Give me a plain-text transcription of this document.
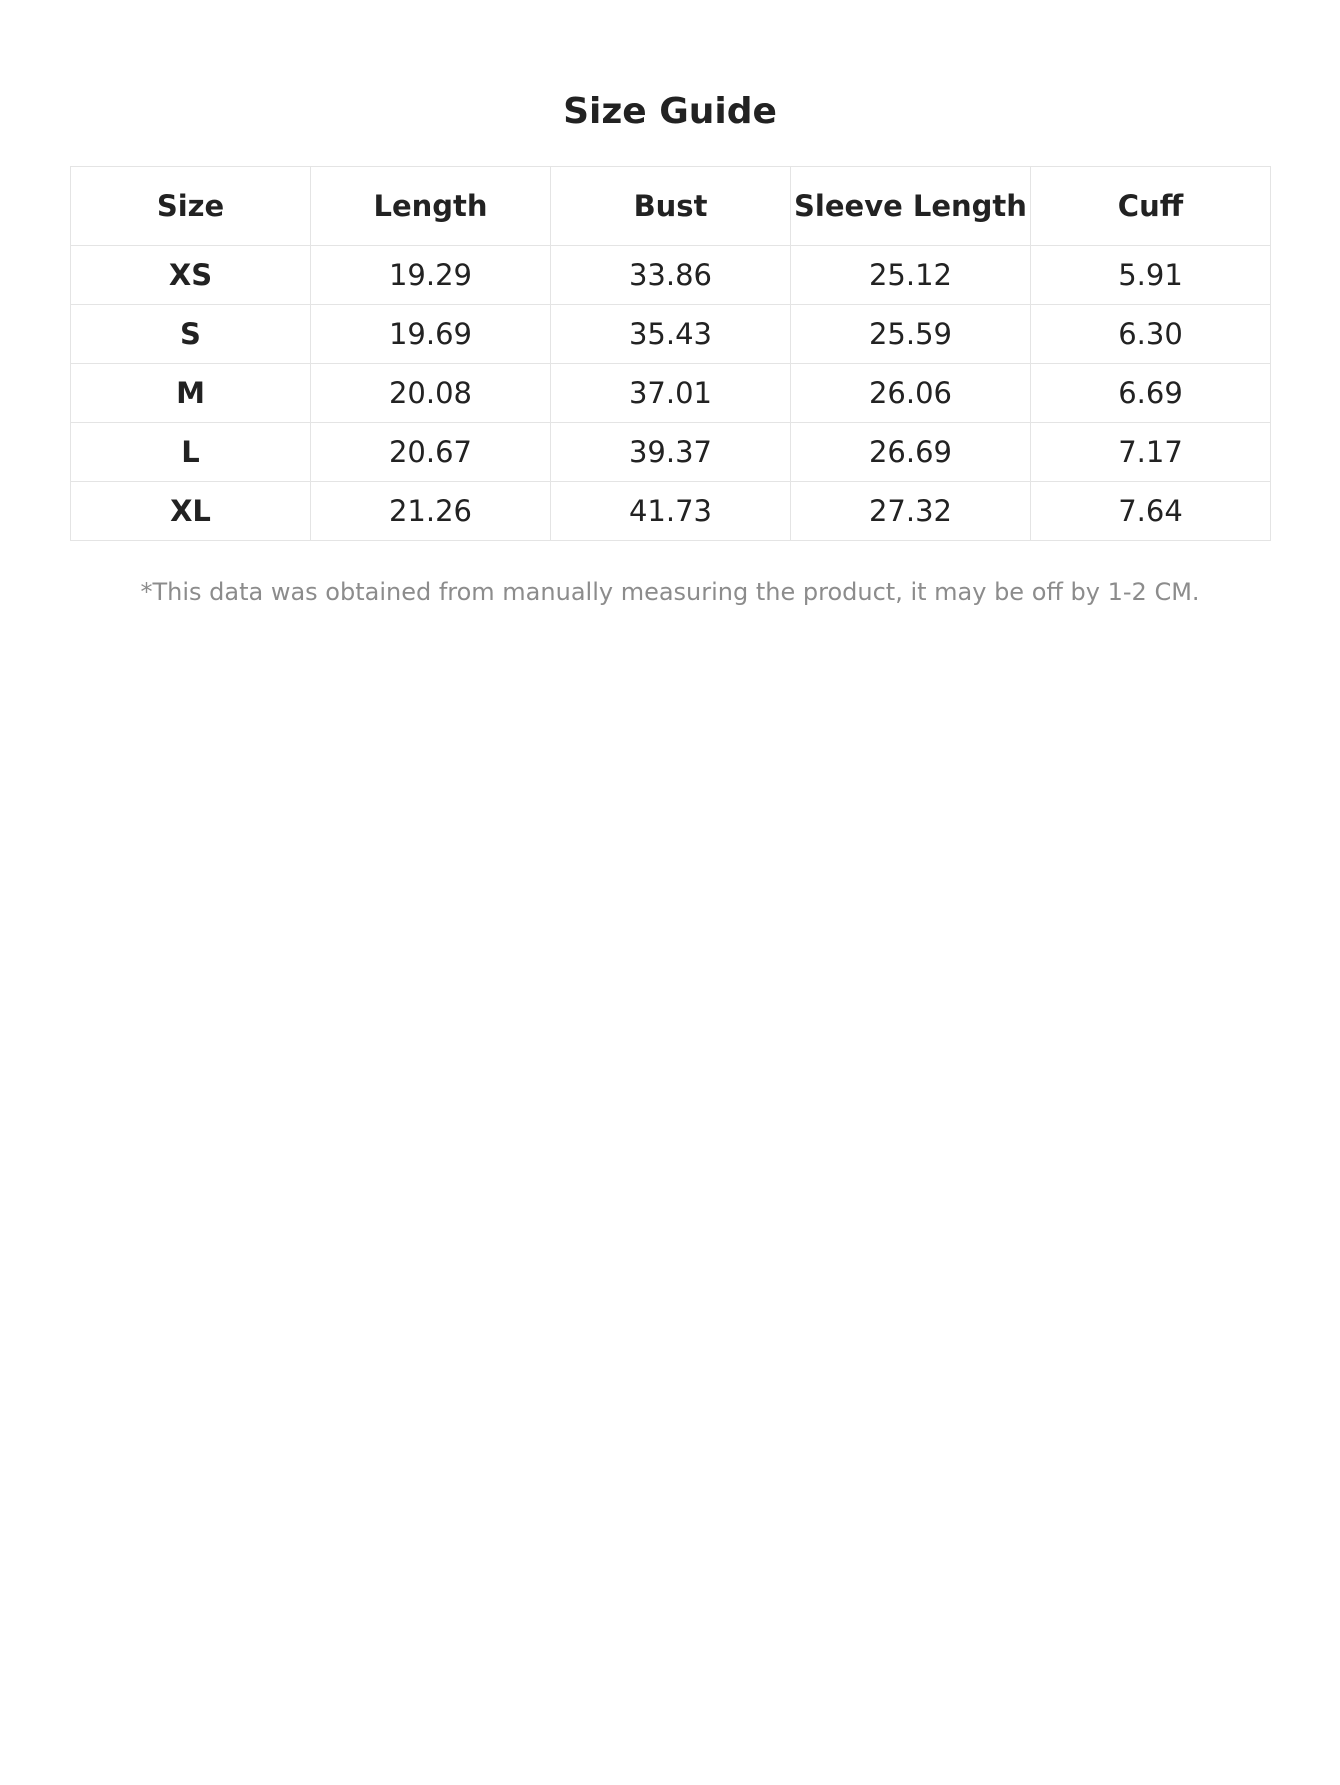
Size Guide
Size	Length	Bust	Sleeve Length	Cuff
XS	19.29	33.86	25.12	5.91
S	19.69	35.43	25.59	6.30
M	20.08	37.01	26.06	6.69
L	20.67	39.37	26.69	7.17
XL	21.26	41.73	27.32	7.64

*This data was obtained from manually measuring the product, it may be off by 1-2 CM.
